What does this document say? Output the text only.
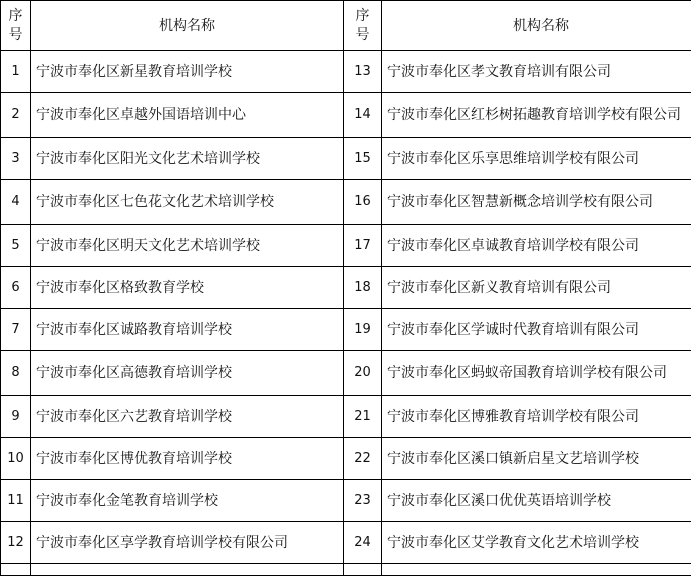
序
号	机构名称	序
号	机构名称
1	宁波市奉化区新星教育培训学校	13	宁波市奉化区孝文教育培训有限公司
2	宁波市奉化区卓越外国语培训中心	14	宁波市奉化区红杉树拓趣教育培训学校有限公司
3	宁波市奉化区阳光文化艺术培训学校	15	宁波市奉化区乐享思维培训学校有限公司
4	宁波市奉化区七色花文化艺术培训学校	16	宁波市奉化区智慧新概念培训学校有限公司
5	宁波市奉化区明天文化艺术培训学校	17	宁波市奉化区卓诚教育培训学校有限公司
6	宁波市奉化区格致教育学校	18	宁波市奉化区新义教育培训有限公司
7	宁波市奉化区诚路教育培训学校	19	宁波市奉化区学诚时代教育培训有限公司
8	宁波市奉化区高德教育培训学校	20	宁波市奉化区蚂蚁帝国教育培训学校有限公司
9	宁波市奉化区六艺教育培训学校	21	宁波市奉化区博雅教育培训学校有限公司
10	宁波市奉化区博优教育培训学校	22	宁波市奉化区溪口镇新启星文艺培训学校
11	宁波市奉化金笔教育培训学校	23	宁波市奉化区溪口优优英语培训学校
12	宁波市奉化区享学教育培训学校有限公司	24	宁波市奉化区艾学教育文化艺术培训学校
